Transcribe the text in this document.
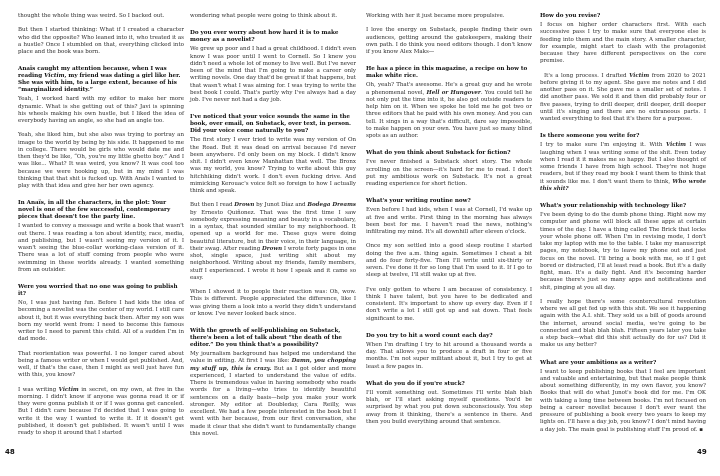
thought the whole thing was weird. So I backed out.

But then I started thinking: What if I created a character who did the opposite? Who leaned into it, who treated it as a hustle? Once I stumbled on that, everything clicked into place and the book was born.

Anaïs caught my attention because, when I was reading Victim, my friend was dating a girl like her. She was with him, to a large extent, because of his “marginalized identity.”

Yeah, I worked hard with my editor to make her more dynamic. What is she getting out of this? Javi is spinning his wheels making his own hustle, but I liked the idea of everybody having an angle, so she had an angle too.

Yeah, she liked him, but she also was trying to portray an image to the world by being by his side. It happened to me in college. There would be girls who would date me and then they'd be like, “Oh, you're my little ghetto boy.” And I was like... What? It was weird, you know? It was cool too because we were hooking up, but in my mind I was thinking that that shit is fucked up. With Anaïs I wanted to play with that idea and give her her own agency.

In Anaïs, in all the characters, in the plot: Your novel is one of the few successful, contemporary pieces that doesn't toe the party line.

I wanted to convey a message and write a book that wasn't out there. I was reading a ton about identity, race, media, and publishing, but I wasn't seeing my version of it. I wasn't seeing the blue-collar working-class version of it. There was a lot of stuff coming from people who were swimming in these worlds already. I wanted something from an outsider.

Were you worried that no one was going to publish it?

No, I was just having fun. Before I had kids the idea of becoming a novelist was the center of my world. I still care about it, but it was everything back then. After my son was born my world went from: I need to become this famous writer to I need to parent this child. All of a sudden I'm in dad mode.

That reorientation was powerful. I no longer cared about being a famous writer or when I would get published. And, well, if that's the case, then I might as well just have fun with this, you know?

I was writing Victim in secret, on my own, at five in the morning. I didn't know if anyone was gonna read it or if they were gonna publish it or if I was gonna get canceled. But I didn't care because I'd decided that I was going to write it the way I wanted to write it. If it doesn't get published, it doesn't get published. It wasn't until I was ready to shop it around that I started

wondering what people were going to think about it.

Do you ever worry about how hard it is to make money as a novelist?

We grew up poor and I had a great childhood. I didn't even know I was poor until I went to Cornell. So I knew you didn't need a whole lot of money to live well. But I've never been of the mind that I'm going to make a career only writing novels. One day that'd be great if that happens, but that wasn't what I was aiming for. I was trying to write the best book I could. That's partly why I've always had a day job. I've never not had a day job.

I've noticed that your voice sounds the same in the book, over email, on Substack, over text, in person. Did your voice come naturally to you?

The first story I ever tried to write was my version of On the Road. But it was dead on arrival because I'd never been anywhere. I'd only been on my block. I didn't know shit. I didn't even know Manhattan that well. The Bronx was my world, you know? Trying to write about this guy hitchhiking didn't work. I don't even fucking drive. And mimicking Kerouac's voice felt so foreign to how I actually think and speak.

But then I read Drown by Junot Díaz and Bodega Dreams by Ernesto Quiñonez. That was the first time I saw somebody expressing meaning and beauty in a vocabulary, in a syntax, that sounded similar to my neighborhood. It opened up a world for me. These guys were doing beautiful literature, but in their voice, in their language, in their swag. After reading Drown I wrote forty pages in one shot, single space, just writing shit about my neighborhood. Writing about my friends, family members, stuff I experienced. I wrote it how I speak and it came so easy.

When I showed it to people their reaction was: Oh, wow. This is different. People appreciated the difference, like I was giving them a look into a world they didn't understand or know. I've never looked back since.

With the growth of self-publishing on Substack, there's been a lot of talk about “the death of the editor.” Do you think that's a possibility?

My journalism background has helped me understand the value in editing. At first I was like: Damn, you chopping my stuff up, this is crazy. But as I got older and more experienced, I started to understand the value of edits. There is tremendous value in having somebody who reads words for a living—who tries to identify beautiful sentences on a daily basis—help you make your work stronger. My editor at Doubleday, Cara Reilly, was excellent. We had a few people interested in the book but I went with her because, from our first conversation, she made it clear that she didn't want to fundamentally change this novel.

Working with her it just became more propulsive.

I love the energy on Substack, people finding their own audiences, getting around the gatekeepers, making their own path. I do think you need editors though. I don't know if you know Alex Maks—

He has a piece in this magazine, a recipe on how to make white rice.

Oh, yeah? That's awesome. He's a great guy and he wrote a phenomenal novel, Hell or Hungover. You could tell he not only put the time into it, he also got outside readers to help him on it. When we spoke he told me he got two or three editors that he paid with his own money. And you can tell. It sings in a way that's difficult, dare say impossible, to make happen on your own. You have just so many blind spots as an author.

What do you think about Substack for fiction?

I've never finished a Substack short story. The whole scrolling on the screen—it's hard for me to read. I don't put my ambitious work on Substack. It's not a great reading experience for short fiction.

What's your writing routine now?

Even before I had kids, when I was at Cornell, I'd wake up at five and write. First thing in the morning has always been best for me. I haven't read the news, nothing's infiltrating my mind. It's all downhill after eleven o'clock.

Once my son settled into a good sleep routine I started doing the five a.m. thing again. Sometimes I cheat a bit and do four forty-five. Then I'll write until six-thirty or seven. I've done it for so long that I'm used to it. If I go to sleep at twelve, I'll still wake up at five.

I've only gotten to where I am because of consistency. I think I have talent, but you have to be dedicated and consistent. It's important to show up every day. Even if I don't write a lot I still got up and sat down. That feels significant to me.

Do you try to hit a word count each day?

When I'm drafting I try to hit around a thousand words a day. That allows you to produce a draft in four or five months. I'm not super militant about it, but I try to get at least a few pages in.

What do you do if you're stuck?

I'll vomit something out. Sometimes I'll write blah blah blah, or I'll start asking myself questions. You'd be surprised by what you put down subconsciously. You step away from it thinking, there's a sentence in there. And then you build everything around that sentence.

How do you revise?

I focus on higher order characters first. With each successive pass I try to make sure that everyone else is feeding into them and the main story. A smaller character, for example, might start to clash with the protagonist because they have different perspectives on the core premise.

It's a long process. I drafted Victim from 2020 to 2021 before giving it to my agent. She gave me notes and I did another pass on it. She gave me a smaller set of notes. I did another pass. We sold it and then did probably four or five passes, trying to drill deeper, drill deeper, drill deeper until it's singing and there are no extraneous parts. I wanted everything to feel that it's there for a purpose.

Is there someone you write for?

I try to make sure I'm enjoying it. With Victim I was laughing when I was writing some of the shit. Even today when I read it it makes me so happy. But I also thought of some friends I have from high school. They're not huge readers, but if they read my book I want them to think that it sounds like me. I don't want them to think, Who wrote this shit?

What's your relationship with technology like?

I've been dying to do the dumb phone thing. Right now my computer and phone will block all these apps at certain times of the day. I have a thing called The Brick that locks your whole phone off. When I'm in revising mode, I don't take my laptop with me to the table. I take my manuscript pages, my notebook, try to leave my phone out and just focus on the novel. I'll bring a book with me, so if I get bored or distracted, I'll at least read a book. But it's a daily fight, man. It's a daily fight. And it's becoming harder because there's just so many apps and notifications and shit, pinging at you all day.

I really hope there's some countercultural revolution where we all get fed up with this shit. We see it happening again with the A.I. shit. They sold us a bill of goods around the internet, around social media, we're going to be connected and blah blah blah. Fifteen years later you take a step back—what did this shit actually do for us? Did it make us any better?

What are your ambitions as a writer?

I want to keep publishing books that I feel are important and valuable and entertaining, but that make people think about something differently, in my own flavor, you know? Books that will do what Junot's book did for me. I'm OK with taking a long time between books. I'm not focused on being a career novelist because I don't ever want the pressure of publishing a book every two years to keep my lights on. I'll have a day job, you know? I don't mind having a day job. The main goal is publishing stuff I'm proud of. ▪

48	49
